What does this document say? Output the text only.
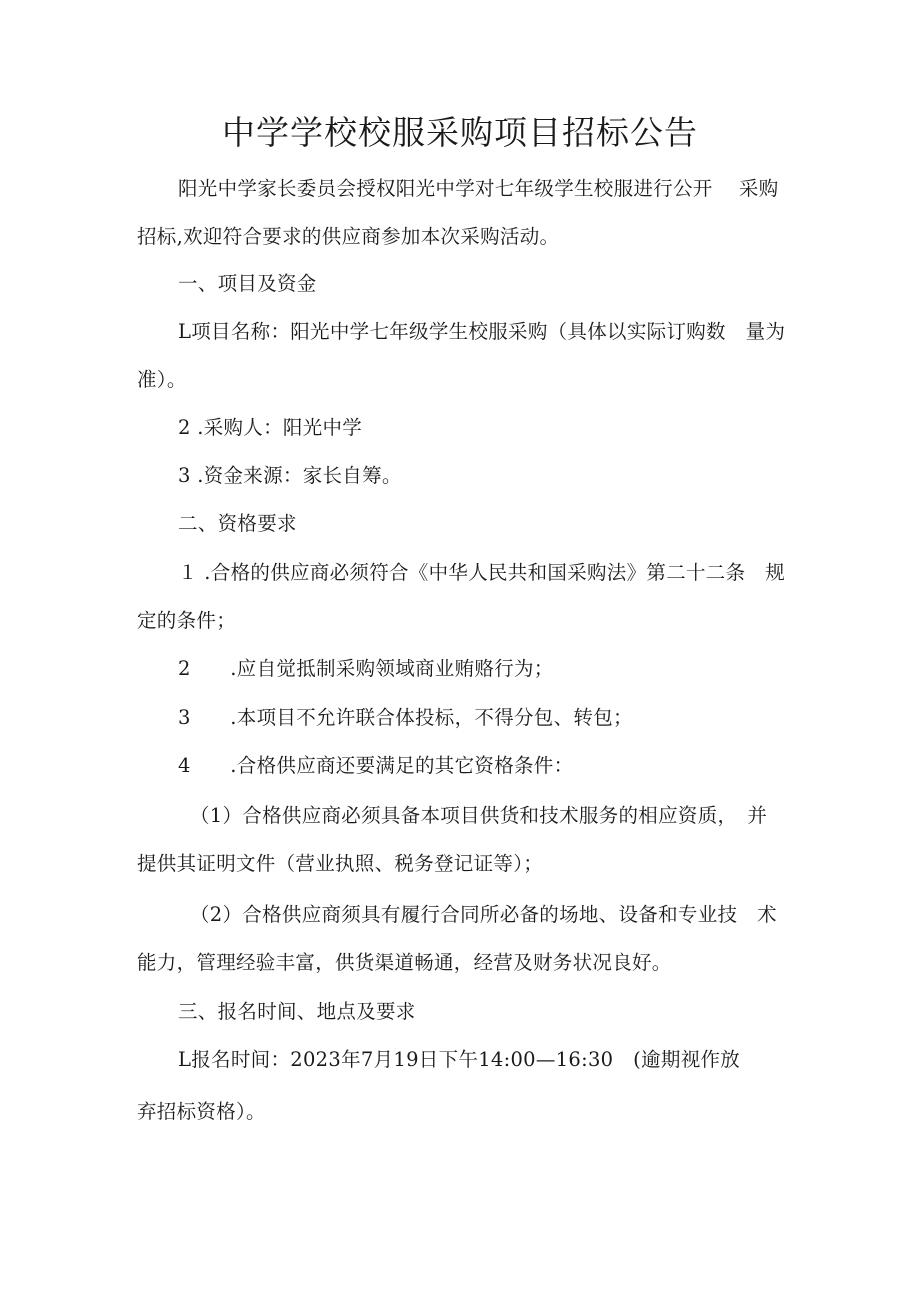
中学学校校服采购项目招标公告
阳光中学家长委员会授权阳光中学对七年级学生校服进行公开　 采购
招标,欢迎符合要求的供应商参加本次采购活动。
一、项目及资金
L项目名称：阳光中学七年级学生校服采购（具体以实际订购数　量为
准）。
2 .采购人：阳光中学
3 .资金来源：家长自筹。
二、资格要求
１ .合格的供应商必须符合《中华人民共和国采购法》第二十二条　规
定的条件；
2　　.应自觉抵制采购领域商业贿赂行为；
3　　.本项目不允许联合体投标，不得分包、转包；
4　　.合格供应商还要满足的其它资格条件：
（1）合格供应商必须具备本项目供货和技术服务的相应资质，　并
提供其证明文件（营业执照、税务登记证等）；
（2）合格供应商须具有履行合同所必备的场地、设备和专业技　术
能力，管理经验丰富，供货渠道畅通，经营及财务状况良好。
三、报名时间、地点及要求
L报名时间：2023年7月19日下午14:00—16:30　(逾期视作放
弃招标资格）。
